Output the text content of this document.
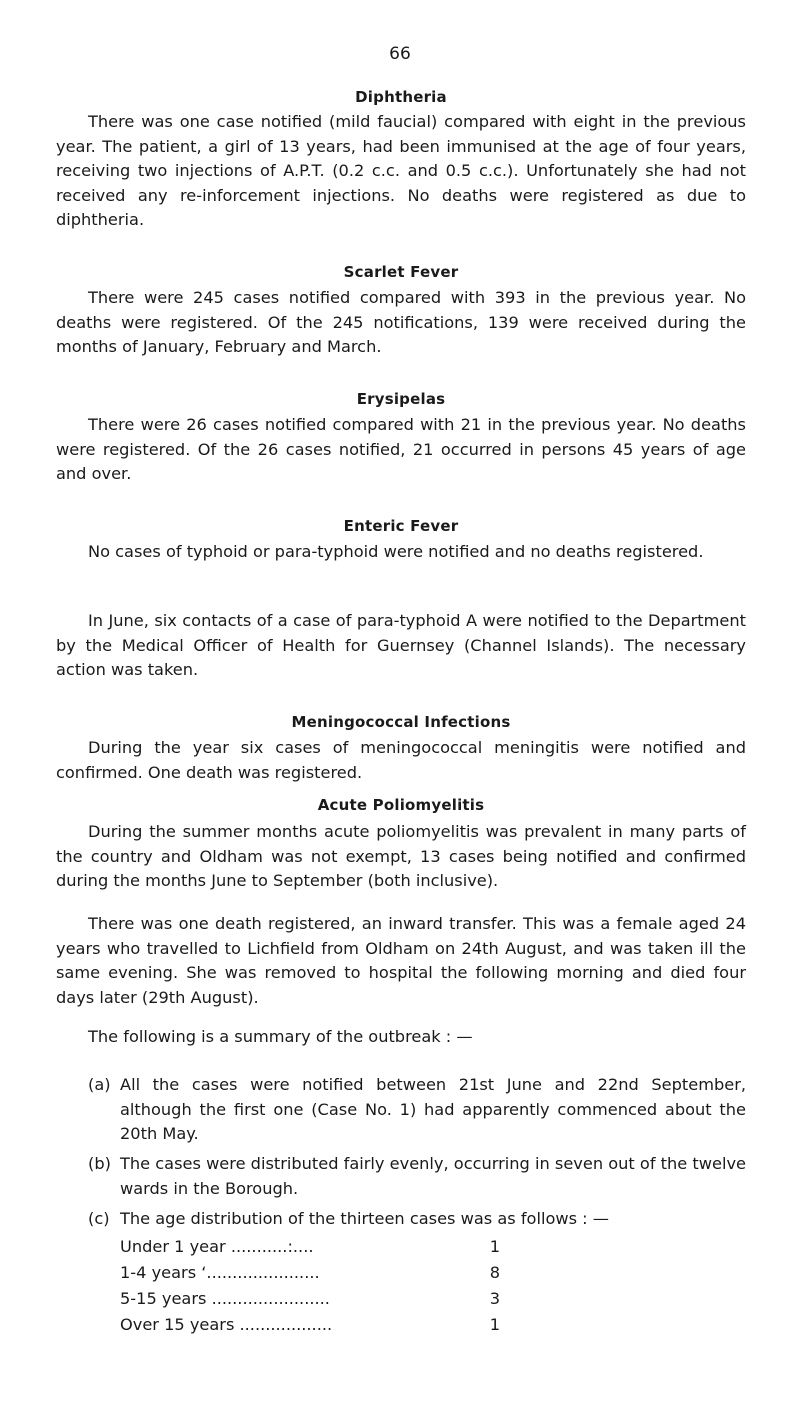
66
Diphtheria

There was one case notified (mild faucial) compared with eight in the previous year. The patient, a girl of 13 years, had been immunised at the age of four years, receiving two injections of A.P.T. (0.2 c.c. and 0.5 c.c.). Unfortunately she had not received any re-inforcement injections. No deaths were registered as due to diphtheria.

Scarlet Fever

There were 245 cases notified compared with 393 in the previous year. No deaths were registered. Of the 245 notifications, 139 were received during the months of January, February and March.

Erysipelas

There were 26 cases notified compared with 21 in the previous year. No deaths were registered. Of the 26 cases notified, 21 occurred in persons 45 years of age and over.

Enteric Fever

No cases of typhoid or para-typhoid were notified and no deaths registered.

In June, six contacts of a case of para-typhoid A were notified to the Department by the Medical Officer of Health for Guernsey (Channel Islands). The necessary action was taken.

Meningococcal Infections

During the year six cases of meningococcal meningitis were notified and confirmed. One death was registered.

Acute Poliomyelitis

During the summer months acute poliomyelitis was prevalent in many parts of the country and Oldham was not exempt, 13 cases being notified and confirmed during the months June to September (both inclusive).

There was one death registered, an inward transfer. This was a female aged 24 years who travelled to Lichfield from Oldham on 24th August, and was taken ill the same evening. She was removed to hospital the following morning and died four days later (29th August).

The following is a summary of the outbreak : —

(a) All the cases were notified between 21st June and 22nd September, although the first one (Case No. 1) had apparently commenced about the 20th May.
(b) The cases were distributed fairly evenly, occurring in seven out of the twelve wards in the Borough.
(c) The age distribution of the thirteen cases was as follows : —
Under 1 year ...........:....	1
1-4 years ‘......................	8
5-15 years .......................	3
Over 15 years ..................	1
